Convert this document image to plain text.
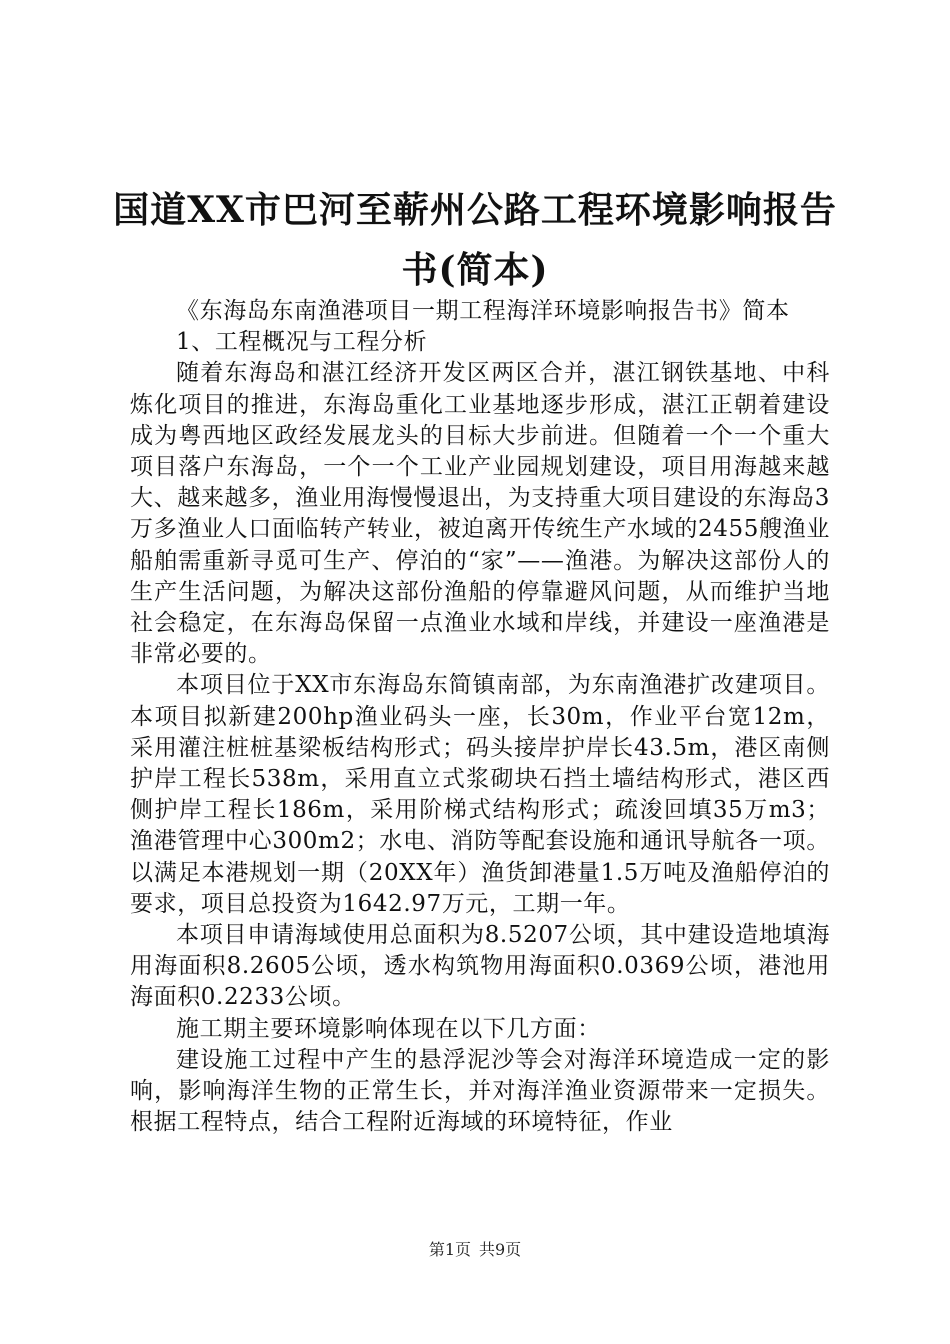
国道XX市巴河至蕲州公路工程环境影响报告书(简本)

《东海岛东南渔港项目一期工程海洋环境影响报告书》简本

1、工程概况与工程分析

随着东海岛和湛江经济开发区两区合并，湛江钢铁基地、中科炼化项目的推进，东海岛重化工业基地逐步形成，湛江正朝着建设成为粤西地区政经发展龙头的目标大步前进。但随着一个一个重大项目落户东海岛，一个一个工业产业园规划建设，项目用海越来越大、越来越多，渔业用海慢慢退出，为支持重大项目建设的东海岛3万多渔业人口面临转产转业，被迫离开传统生产水域的2455艘渔业船舶需重新寻觅可生产、停泊的“家”——渔港。为解决这部份人的生产生活问题，为解决这部份渔船的停靠避风问题，从而维护当地社会稳定，在东海岛保留一点渔业水域和岸线，并建设一座渔港是非常必要的。

本项目位于XX市东海岛东简镇南部，为东南渔港扩改建项目。本项目拟新建200hp渔业码头一座，长30m，作业平台宽12m，采用灌注桩桩基梁板结构形式；码头接岸护岸长43.5m，港区南侧护岸工程长538m，采用直立式浆砌块石挡土墙结构形式，港区西侧护岸工程长186m，采用阶梯式结构形式；疏浚回填35万m3；渔港管理中心300m2；水电、消防等配套设施和通讯导航各一项。以满足本港规划一期（20XX年）渔货卸港量1.5万吨及渔船停泊的要求，项目总投资为1642.97万元，工期一年。

本项目申请海域使用总面积为8.5207公顷，其中建设造地填海用海面积8.2605公顷，透水构筑物用海面积0.0369公顷，港池用海面积0.2233公顷。

施工期主要环境影响体现在以下几方面：

建设施工过程中产生的悬浮泥沙等会对海洋环境造成一定的影响，影响海洋生物的正常生长，并对海洋渔业资源带来一定损失。根据工程特点，结合工程附近海域的环境特征，作业

第1页 共9页
